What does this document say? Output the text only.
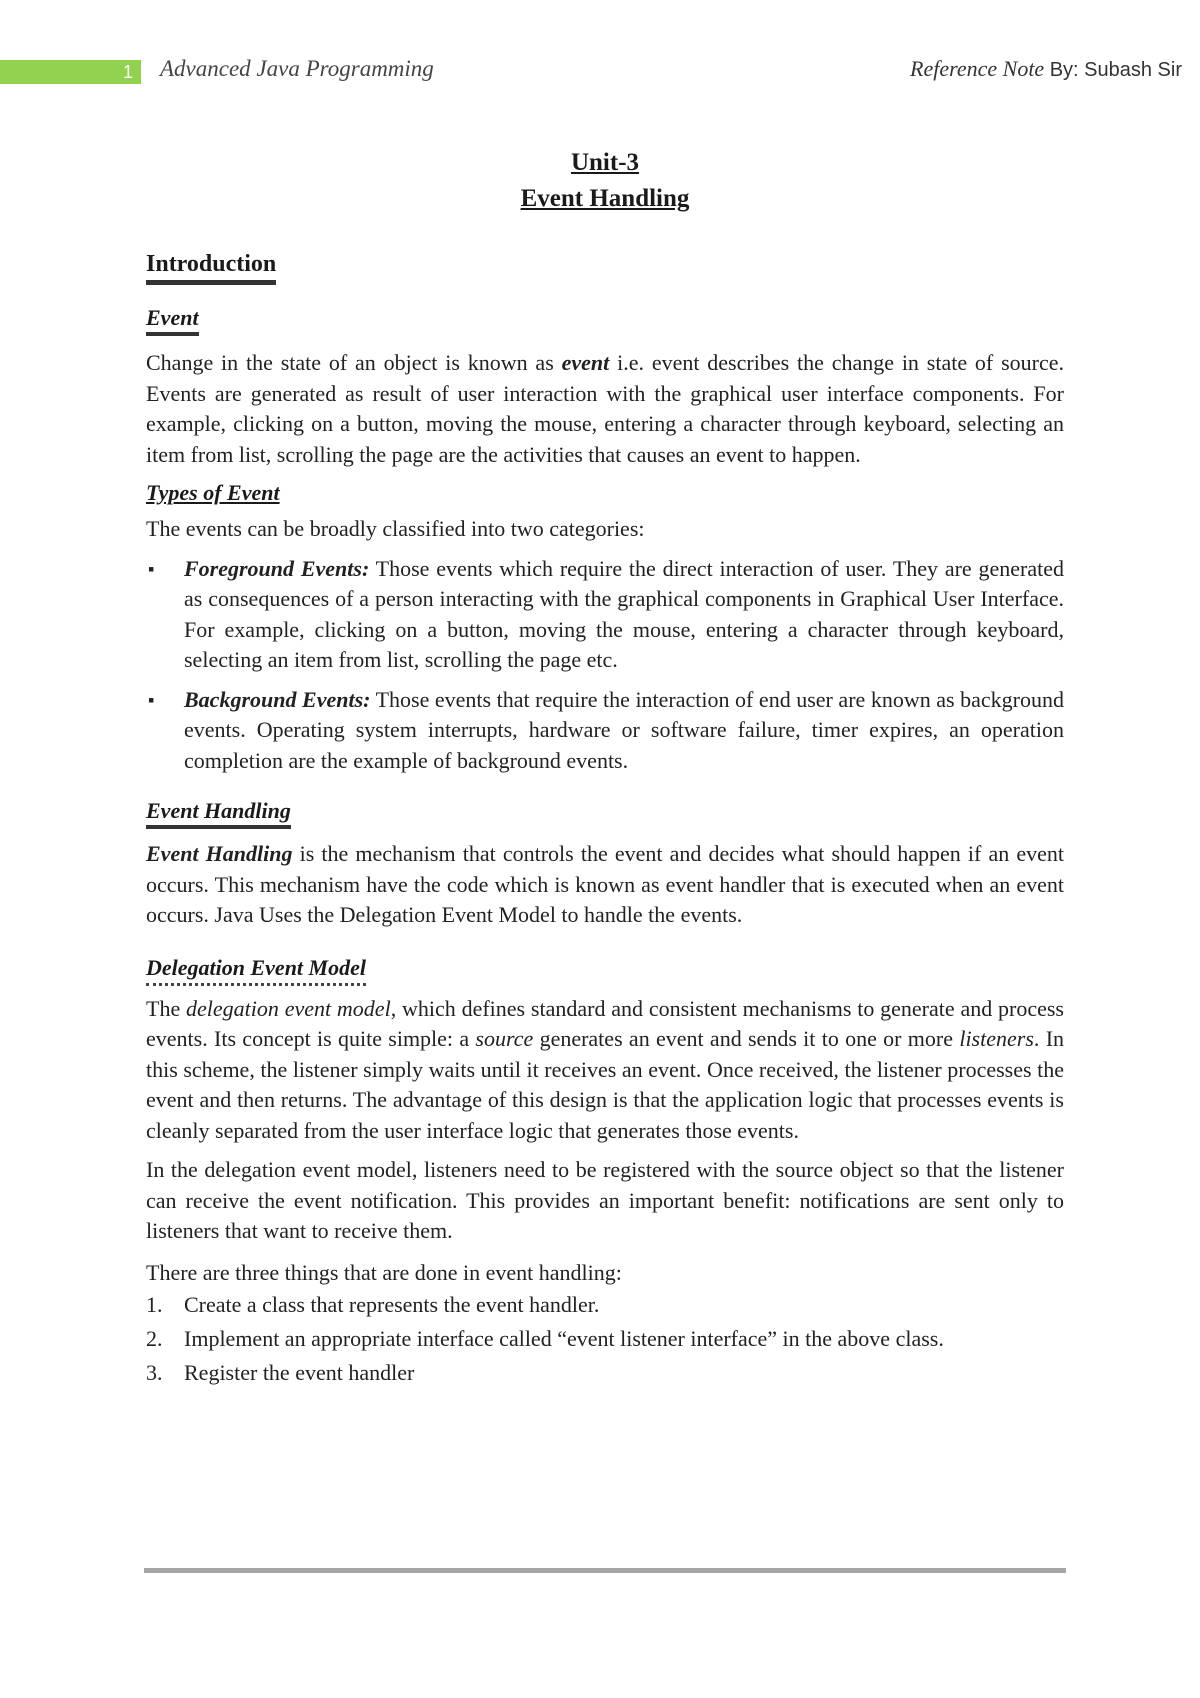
1	Advanced Java Programming	Reference Note By: Subash Sir
Unit-3
Event Handling
Introduction
Event

Change in the state of an object is known as event i.e. event describes the change in state of source. Events are generated as result of user interaction with the graphical user interface components. For example, clicking on a button, moving the mouse, entering a character through keyboard, selecting an item from list, scrolling the page are the activities that causes an event to happen.

Types of Event

The events can be broadly classified into two categories:

▪ Foreground Events: Those events which require the direct interaction of user. They are generated as consequences of a person interacting with the graphical components in Graphical User Interface. For example, clicking on a button, moving the mouse, entering a character through keyboard, selecting an item from list, scrolling the page etc.
▪ Background Events: Those events that require the interaction of end user are known as background events. Operating system interrupts, hardware or software failure, timer expires, an operation completion are the example of background events.
Event Handling

Event Handling is the mechanism that controls the event and decides what should happen if an event occurs. This mechanism have the code which is known as event handler that is executed when an event occurs. Java Uses the Delegation Event Model to handle the events.

Delegation Event Model

The delegation event model, which defines standard and consistent mechanisms to generate and process events. Its concept is quite simple: a source generates an event and sends it to one or more listeners. In this scheme, the listener simply waits until it receives an event. Once received, the listener processes the event and then returns. The advantage of this design is that the application logic that processes events is cleanly separated from the user interface logic that generates those events.

In the delegation event model, listeners need to be registered with the source object so that the listener can receive the event notification. This provides an important benefit: notifications are sent only to listeners that want to receive them.

There are three things that are done in event handling:

1. Create a class that represents the event handler.
2. Implement an appropriate interface called “event listener interface” in the above class.
3. Register the event handler
